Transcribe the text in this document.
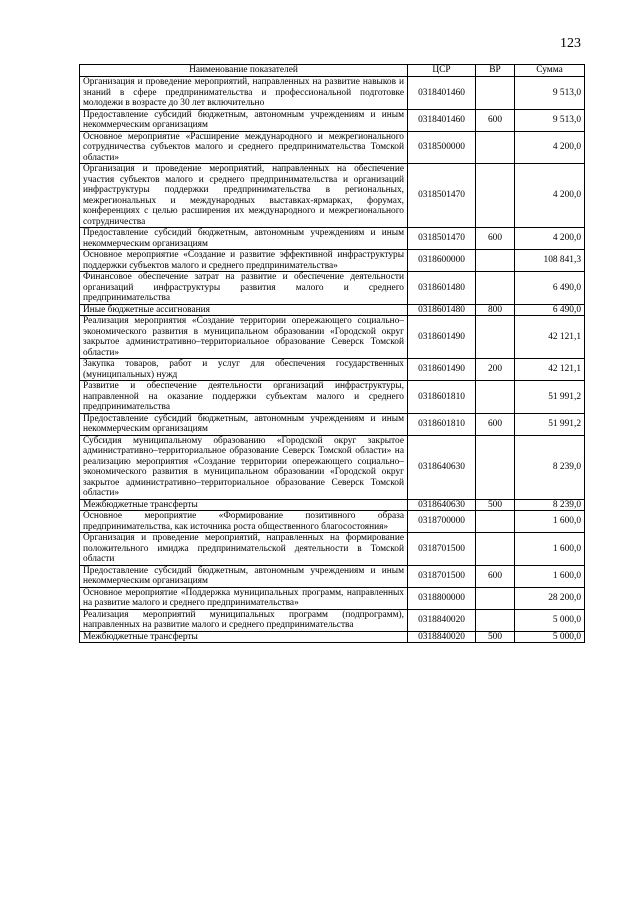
123
Наименование показателей	ЦСР	ВР	Сумма
Организация и проведение мероприятий, направленных на развитие навыков и знаний в сфере предпринимательства и профессиональной подготовке молодежи в возрасте до 30 лет включительно	0318401460		9 513,0
Предоставление субсидий бюджетным, автономным учреждениям и иным некоммерческим организациям	0318401460	600	9 513,0
Основное мероприятие «Расширение международного и межрегионального сотрудничества субъектов малого и среднего предпринимательства Томской области»	0318500000		4 200,0
Организация и проведение мероприятий, направленных на обеспечение участия субъектов малого и среднего предпринимательства и организаций инфраструктуры поддержки предпринимательства в региональных, межрегиональных и международных выставках-ярмарках, форумах, конференциях с целью расширения их международного и межрегионального сотрудничества	0318501470		4 200,0
Предоставление субсидий бюджетным, автономным учреждениям и иным некоммерческим организациям	0318501470	600	4 200,0
Основное мероприятие «Создание и развитие эффективной инфраструктуры поддержки субъектов малого и среднего предпринимательства»	0318600000		108 841,3
Финансовое обеспечение затрат на развитие и обеспечение деятельности организаций инфраструктуры развития малого и среднего предпринимательства	0318601480		6 490,0
Иные бюджетные ассигнования	0318601480	800	6 490,0
Реализация мероприятия «Создание территории опережающего социально–экономического развития в муниципальном образовании «Городской округ закрытое административно–территориальное образование Северск Томской области»	0318601490		42 121,1
Закупка товаров, работ и услуг для обеспечения государственных (муниципальных) нужд	0318601490	200	42 121,1
Развитие и обеспечение деятельности организаций инфраструктуры, направленной на оказание поддержки субъектам малого и среднего предпринимательства	0318601810		51 991,2
Предоставление субсидий бюджетным, автономным учреждениям и иным некоммерческим организациям	0318601810	600	51 991,2
Субсидия муниципальному образованию «Городской округ закрытое административно–территориальное образование Северск Томской области» на реализацию мероприятия «Создание территории опережающего социально–экономического развития в муниципальном образовании «Городской округ закрытое административно–территориальное образование Северск Томской области»	0318640630		8 239,0
Межбюджетные трансферты	0318640630	500	8 239,0
Основное мероприятие «Формирование позитивного образа предпринимательства, как источника роста общественного благосостояния»	0318700000		1 600,0
Организация и проведение мероприятий, направленных на формирование положительного имиджа предпринимательской деятельности в Томской области	0318701500		1 600,0
Предоставление субсидий бюджетным, автономным учреждениям и иным некоммерческим организациям	0318701500	600	1 600,0
Основное мероприятие «Поддержка муниципальных программ, направленных на развитие малого и среднего предпринимательства»	0318800000		28 200,0
Реализация мероприятий муниципальных программ (подпрограмм), направленных на развитие малого и среднего предпринимательства	0318840020		5 000,0
Межбюджетные трансферты	0318840020	500	5 000,0
